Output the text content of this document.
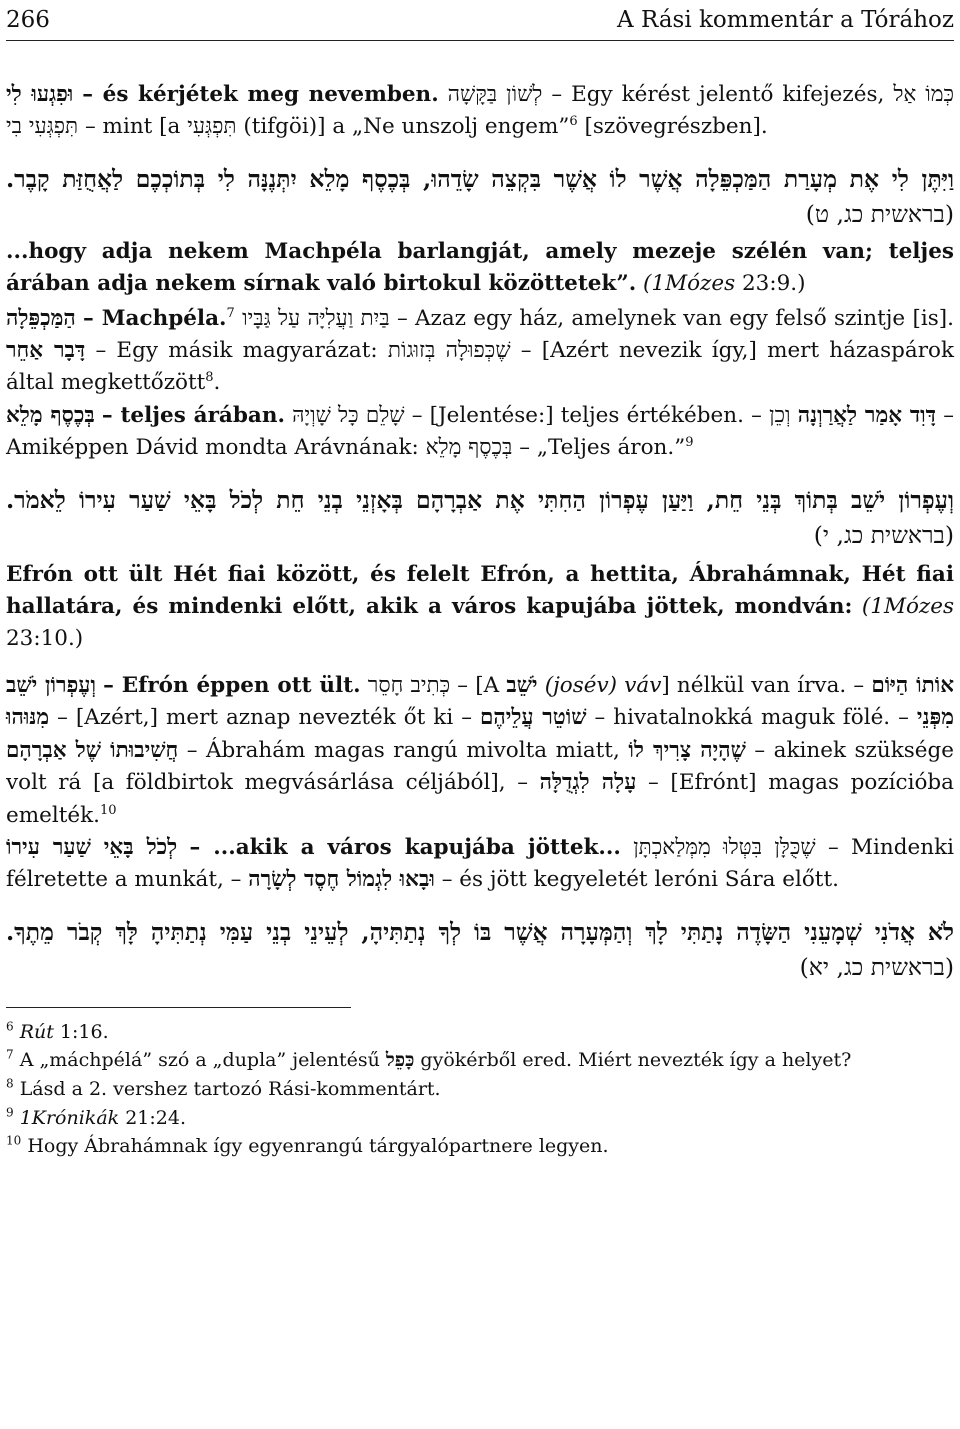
266	A Rási kommentár a Tórához

וּפִגְעוּ לִי – és kérjétek meg nevemben. לְשׁוֹן בַּקָּשָׁה – Egy kérést jelentő kifejezés, כְּמוֹ אַל תִּפְגְּעִי בִי – mint [a תִּפְגְּעִי (tifgöi)] a „Ne unszolj engem”$^6$ [szövegrészben].

וַיִּתֶּן לִי אֶת מְעָרַת הַמַּכְפֵּלָה אֲשֶׁר לוֹ אֲשֶׁר בִּקְצֵה שָׂדֵהוּ, בְּכֶסֶף מָלֵא יִתְּנֶנָּה לִי בְּתוֹכְכֶם לַאֲחֻזַּת קָבֶר. (בראשית כג, ט)

...hogy adja nekem Machpéla barlangját, amely mezeje szélén van; teljes árában adja nekem sírnak való birtokul közöttetek”. (1Mózes 23:9.)

הַמַּכְפֵּלָה – Machpéla.$^7$ בַּיִת וַעֲלִיָּה עַל גַּבָּיו – Azaz egy ház, amelynek van egy felső szintje [is]. דָּבָר אַחֵר – Egy másik magyarázat: שֶׁכְּפוּלָה בְּזוּגוֹת – [Azért nevezik így,] mert házaspárok által megkettőzött$^8$.

בְּכֶסֶף מָלֵא – teljes árában. שָׁלֵם כָּל שָׁוְיָהּ – [Jelentése:] teljes értékében. – וְכֵן דָּוִד אָמַר לַאֲרַוְנָה – Amiképpen Dávid mondta Arávnának: בְּכֶסֶף מָלֵא – „Teljes áron.”$^9$

וְעֶפְרוֹן יֹשֵׁב בְּתוֹךְ בְּנֵי חֵת, וַיַּעַן עֶפְרוֹן הַחִתִּי אֶת אַבְרָהָם בְּאָזְנֵי בְנֵי חֵת לְכֹל בָּאֵי שַׁעַר עִירוֹ לֵאמֹר. (בראשית כג, י)

Efrón ott ült Hét fiai között, és felelt Efrón, a hettita, Ábrahámnak, Hét fiai hallatára, és mindenki előtt, akik a város kapujába jöttek, mondván: (1Mózes 23:10.)

וְעֶפְרוֹן יֹשֵׁב – Efrón éppen ott ült. כְּתִיב חָסֵר – [A יֹשֵׁב (josév) váv] nélkül van írva. – אוֹתוֹ הַיּוֹם מִנּוּהוּ – [Azért,] mert aznap nevezték őt ki – שׁוֹטֵר עֲלֵיהֶם – hivatalnokká maguk fölé. – מִפְּנֵי חֲשִׁיבוּתוֹ שֶׁל אַבְרָהָם – Ábrahám magas rangú mivolta miatt, שֶׁהָיָה צָרִיךְ לוֹ – akinek szüksége volt rá [a földbirtok megvásárlása céljából], – עָלָה לִגְדֻלָּה – [Efrónt] magas pozícióba emelték.$^{10}$

לְכֹל בָּאֵי שַׁעַר עִירוֹ – ...akik a város kapujába jöttek... שֶׁכֻּלָּן בִּטְּלוּ מִמְּלַאכְתָּן – Mindenki félretette a munkát, – וּבָאוּ לִגְמוֹל חֶסֶד לְשָׂרָה – és jött kegyeletét leróni Sára előtt.

לֹא אֲדֹנִי שְׁמָעֵנִי הַשָּׂדֶה נָתַתִּי לָךְ וְהַמְּעָרָה אֲשֶׁר בּוֹ לְךָ נְתַתִּיהָ, לְעֵינֵי בְנֵי עַמִּי נְתַתִּיהָ לָּךְ קְבֹר מֵתֶךָ. (בראשית כג, יא)

$^6$ Rút 1:16.

$^7$ A „máchpélá” szó a „dupla” jelentésű כָּפֵל gyökérből ered. Miért nevezték így a helyet?

$^8$ Lásd a 2. vershez tartozó Rási-kommentárt.

$^9$ 1Krónikák 21:24.

$^{10}$ Hogy Ábrahámnak így egyenrangú tárgyalópartnere legyen.
